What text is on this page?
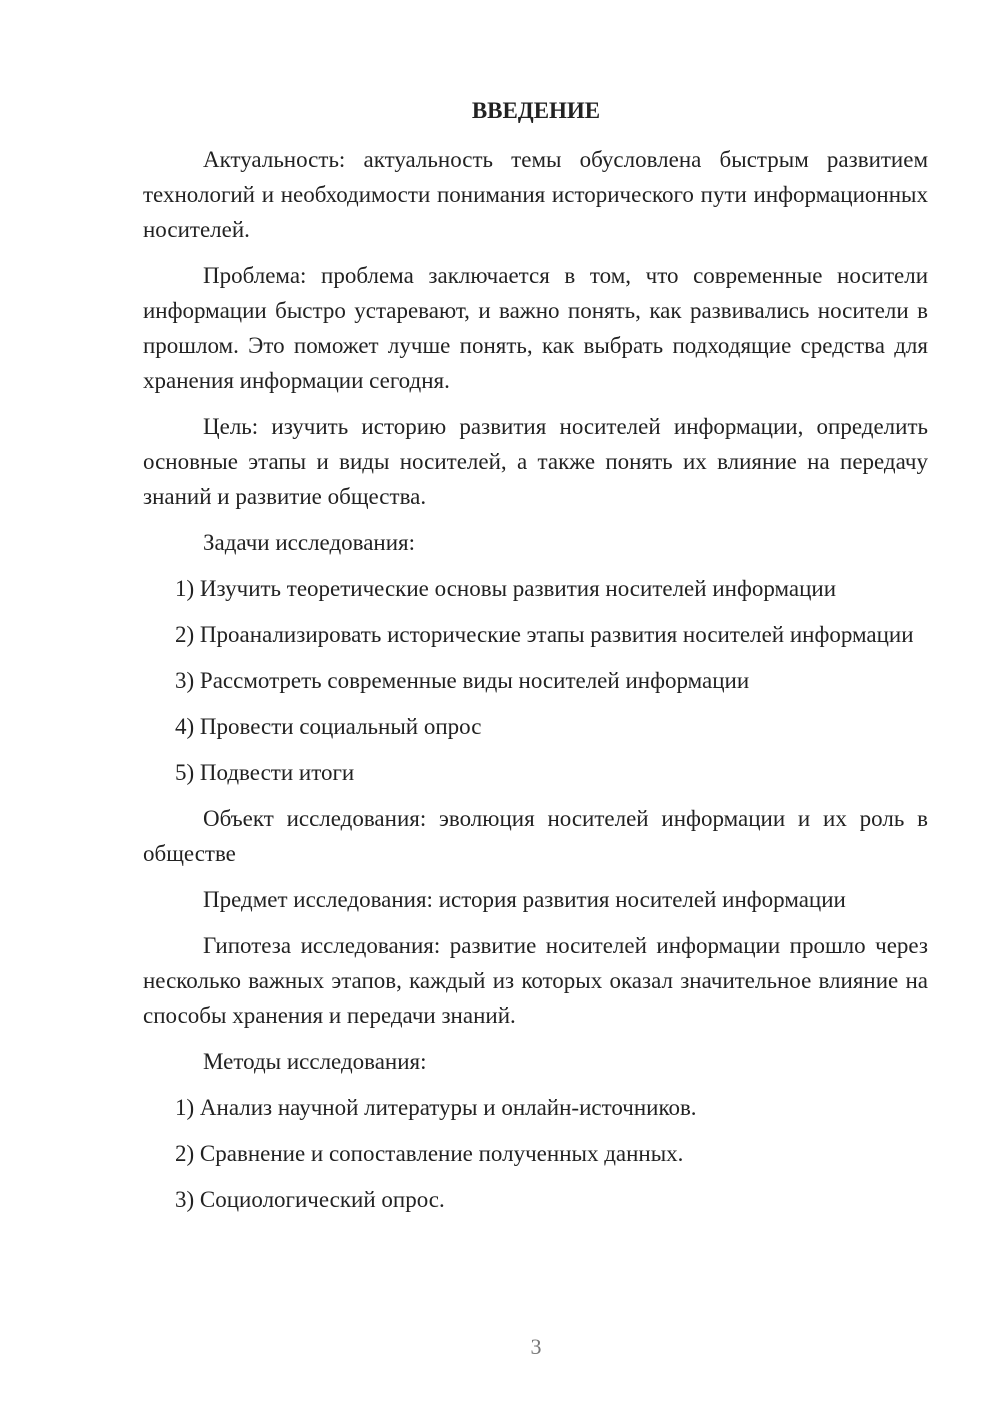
ВВЕДЕНИЕ

Актуальность: актуальность темы обусловлена быстрым развитием технологий и необходимости понимания исторического пути информационных носителей.

Проблема: проблема заключается в том, что современные носители информации быстро устаревают, и важно понять, как развивались носители в прошлом. Это поможет лучше понять, как выбрать подходящие средства для хранения информации сегодня.

Цель: изучить историю развития носителей информации, определить основные этапы и виды носителей, а также понять их влияние на передачу знаний и развитие общества.

Задачи исследования:

1) Изучить теоретические основы развития носителей информации

2) Проанализировать исторические этапы развития носителей информации

3) Рассмотреть современные виды носителей информации

4) Провести социальный опрос

5) Подвести итоги

Объект исследования: эволюция носителей информации и их роль в обществе

Предмет исследования: история развития носителей информации

Гипотеза исследования: развитие носителей информации прошло через несколько важных этапов, каждый из которых оказал значительное влияние на способы хранения и передачи знаний.

Методы исследования:

1) Анализ научной литературы и онлайн-источников.

2) Сравнение и сопоставление полученных данных.

3) Социологический опрос.

3
